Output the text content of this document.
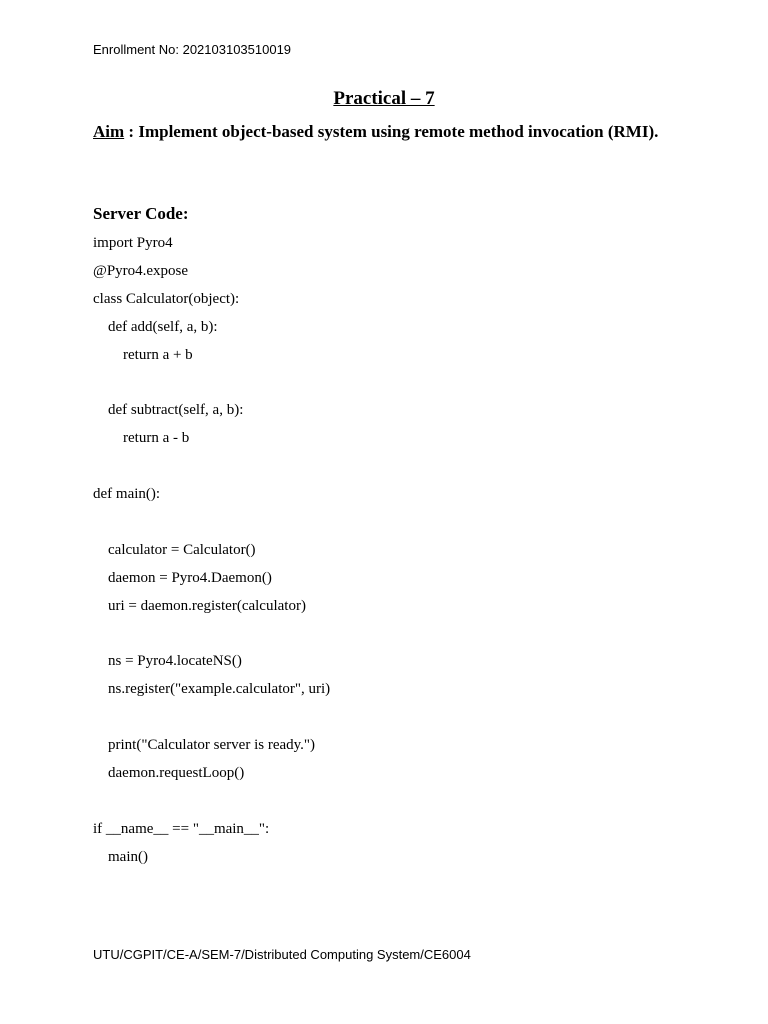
Enrollment No: 202103103510019
Practical – 7

Aim : Implement object-based system using remote method invocation (RMI).

Server Code:
import Pyro4
@Pyro4.expose
class Calculator(object):
def add(self, a, b):
return a + b
def subtract(self, a, b):
return a - b
def main():
calculator = Calculator()
daemon = Pyro4.Daemon()
uri = daemon.register(calculator)
ns = Pyro4.locateNS()
ns.register("example.calculator", uri)
print("Calculator server is ready.")
daemon.requestLoop()
if __name__ == "__main__":
main()
UTU/CGPIT/CE-A/SEM-7/Distributed Computing System/CE6004
